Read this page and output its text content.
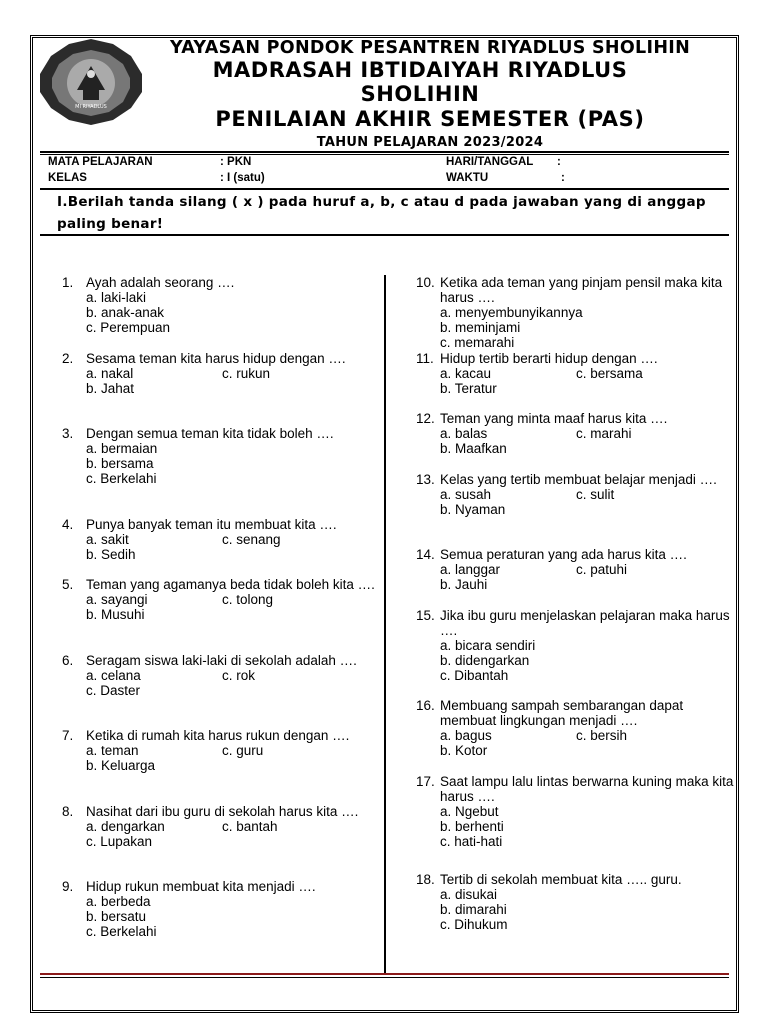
MI RIYADLUS
YAYASAN PONDOK PESANTREN RIYADLUS SHOLIHIN
MADRASAH IBTIDAIYAH RIYADLUS SHOLIHIN
PENILAIAN AKHIR SEMESTER (PAS)
TAHUN PELAJARAN 2023/2024
MATA PELAJARAN	: PKN	HARI/TANGGAL :
KELAS	: I (satu)	WAKTU	:
I.Berilah tanda silang ( x ) pada huruf a, b, c atau d pada jawaban yang di anggap paling benar!
1. Ayah adalah seorang ….
a. laki-laki
b. anak-anak
c. Perempuan
2. Sesama teman kita harus hidup dengan ….
a. nakal	c. rukun
b. Jahat
3. Dengan semua teman kita tidak boleh ….
a. bermaian
b. bersama
c. Berkelahi
4. Punya banyak teman itu membuat kita ….
a. sakit	c. senang
b. Sedih
5. Teman yang agamanya beda tidak boleh kita ….
a. sayangi	c. tolong
b. Musuhi
6. Seragam siswa laki-laki di sekolah adalah ….
a. celana	c. rok
c. Daster
7. Ketika di rumah kita harus rukun dengan ….
a. teman	c. guru
b. Keluarga
8. Nasihat dari ibu guru di sekolah harus kita ….
a. dengarkan	c. bantah
c. Lupakan
9. Hidup rukun membuat kita menjadi ….
a. berbeda
b. bersatu
c. Berkelahi
10. Ketika ada teman yang pinjam pensil maka kita harus ….
a. menyembunyikannya
b. meminjami
c. memarahi
11. Hidup tertib berarti hidup dengan ….
a. kacau	c. bersama
b. Teratur
12. Teman yang minta maaf harus kita ….
a. balas	c. marahi
b. Maafkan
13. Kelas yang tertib membuat belajar menjadi ….
a. susah	c. sulit
b. Nyaman
14. Semua peraturan yang ada harus kita ….
a. langgar	c. patuhi
b. Jauhi
15. Jika ibu guru menjelaskan pelajaran maka harus ….
a. bicara sendiri
b. didengarkan
c. Dibantah
16. Membuang sampah sembarangan dapat membuat lingkungan menjadi ….
a. bagus	c. bersih
b. Kotor
17. Saat lampu lalu lintas berwarna kuning maka kita harus ….
a. Ngebut
b. berhenti
c. hati-hati
18. Tertib di sekolah membuat kita ….. guru.
a. disukai
b. dimarahi
c. Dihukum
